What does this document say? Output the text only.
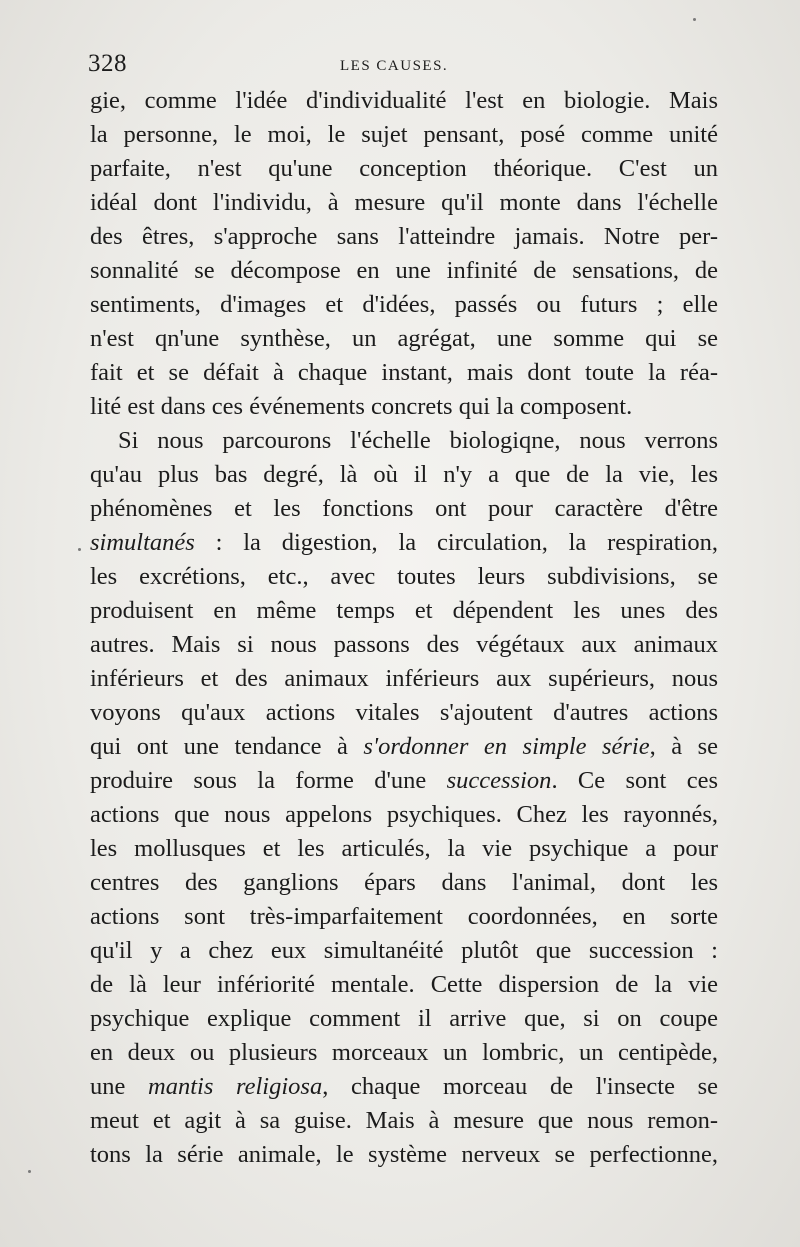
328	LES CAUSES.
gie, comme l'idée d'individualité l'est en biologie. Mais
la personne, le moi, le sujet pensant, posé comme unité
parfaite, n'est qu'une conception théorique. C'est un
idéal dont l'individu, à mesure qu'il monte dans l'échelle
des êtres, s'approche sans l'atteindre jamais. Notre per-
sonnalité se décompose en une infinité de sensations, de
sentiments, d'images et d'idées, passés ou futurs ; elle
n'est qn'une synthèse, un agrégat, une somme qui se
fait et se défait à chaque instant, mais dont toute la réa-
lité est dans ces événements concrets qui la composent.
Si nous parcourons l'échelle biologiqne, nous verrons
qu'au plus bas degré, là où il n'y a que de la vie, les
phénomènes et les fonctions ont pour caractère d'être
simultanés : la digestion, la circulation, la respiration,
les excrétions, etc., avec toutes leurs subdivisions, se
produisent en même temps et dépendent les unes des
autres. Mais si nous passons des végétaux aux animaux
inférieurs et des animaux inférieurs aux supérieurs, nous
voyons qu'aux actions vitales s'ajoutent d'autres actions
qui ont une tendance à s'ordonner en simple série, à se
produire sous la forme d'une succession. Ce sont ces
actions que nous appelons psychiques. Chez les rayonnés,
les mollusques et les articulés, la vie psychique a pour
centres des ganglions épars dans l'animal, dont les
actions sont très-imparfaitement coordonnées, en sorte
qu'il y a chez eux simultanéité plutôt que succession :
de là leur infériorité mentale. Cette dispersion de la vie
psychique explique comment il arrive que, si on coupe
en deux ou plusieurs morceaux un lombric, un centipède,
une mantis religiosa, chaque morceau de l'insecte se
meut et agit à sa guise. Mais à mesure que nous remon-
tons la série animale, le système nerveux se perfectionne,
